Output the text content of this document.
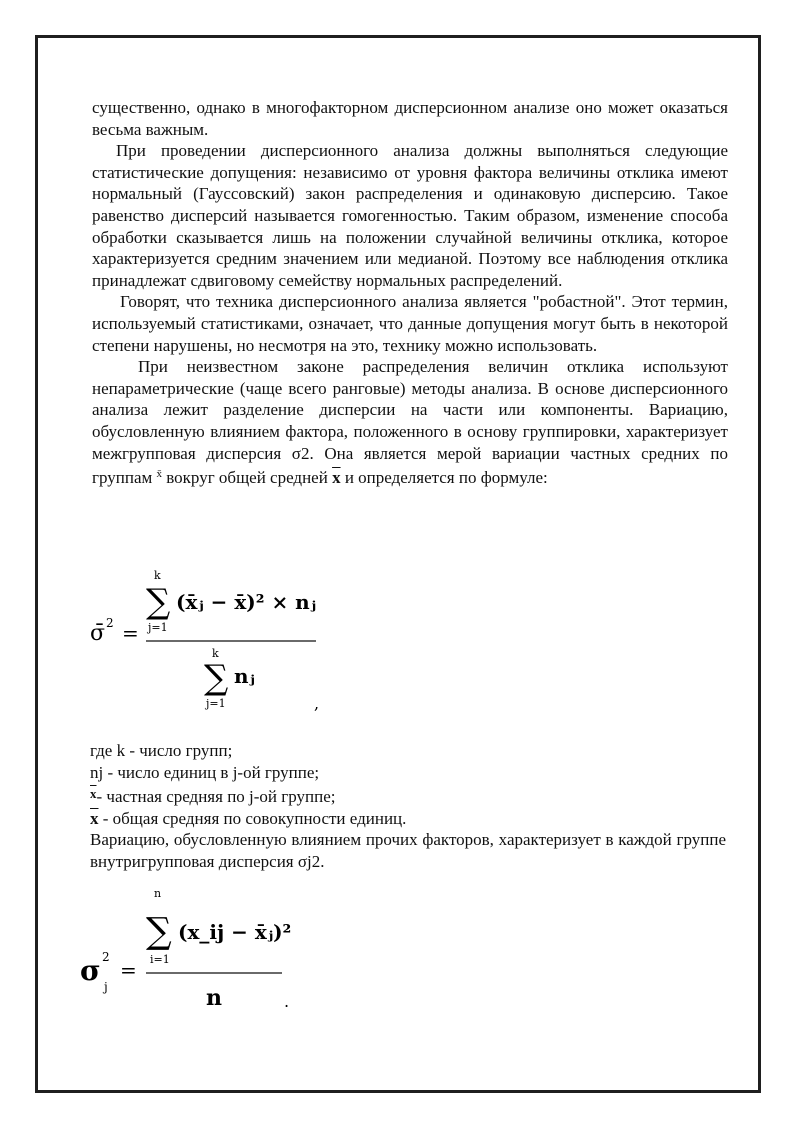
существенно, однако в многофакторном дисперсионном анализе оно может оказаться весьма важным.

При проведении дисперсионного анализа должны выполняться следующие статистические допущения: независимо от уровня фактора величины отклика имеют нормальный (Гауссовский) закон распределения и одинаковую дисперсию. Такое равенство дисперсий называется гомогенностью. Таким образом, изменение способа обработки сказывается лишь на положении случайной величины отклика, которое характеризуется средним значением или медианой. Поэтому все наблюдения отклика принадлежат сдвиговому семейству нормальных распределений.

Говорят, что техника дисперсионного анализа является "робастной". Этот термин, используемый статистиками, означает, что данные допущения могут быть в некоторой степени нарушены, но несмотря на это, технику можно использовать.

При неизвестном законе распределения величин отклика используют непараметрические (чаще всего ранговые) методы анализа. В основе дисперсионного анализа лежит разделение дисперсии на части или компоненты. Вариацию, обусловленную влиянием фактора, положенного в основу группировки, характеризует межгрупповая дисперсия σ2. Она является мерой вариации частных средних по группам $^{x̄}$ вокруг общей средней $\overline{x}$ и определяется по формуле:

σ̄ 2 =
k
∑
j=1
(x̄ⱼ − x̄)² × nⱼ
k
∑
j=1
nⱼ
,

где k - число групп;

nj - число единиц в j-ой группе;

$^{\overline{x}}$- частная средняя по j-ой группе;

$\overline{x}$ - общая средняя по совокупности единиц.

Вариацию, обусловленную влиянием прочих факторов, характеризует в каждой группе внутригрупповая дисперсия σj2.

σ 2
j
=
n
∑
i=1
(x_ij − x̄ⱼ)²
n	.
